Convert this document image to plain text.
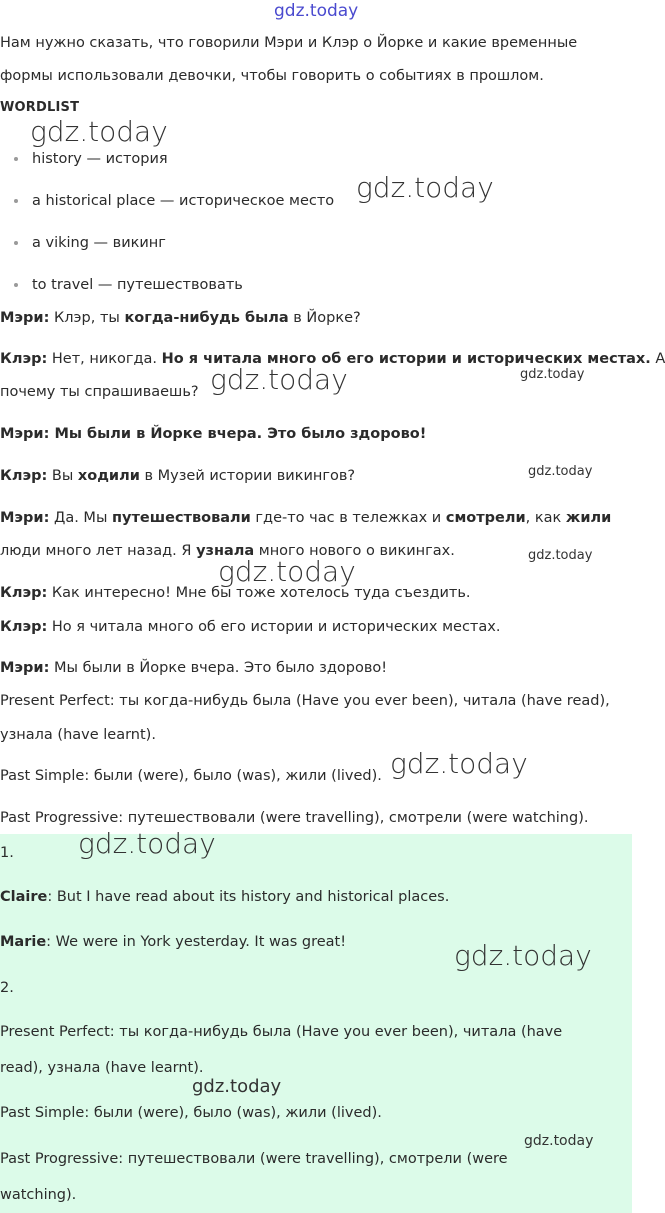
gdz.today
Нам нужно сказать, что говорили Мэри и Клэр о Йорке и какие временные
формы использовали девочки, чтобы говорить о событиях в прошлом.
WORDLIST
history — история
a historical place — историческое место
a viking — викинг
to travel — путешествовать
Мэри: Клэр, ты когда-нибудь была в Йорке?
Клэр: Нет, никогда. Но я читала много об его истории и исторических местах. А
почему ты спрашиваешь?
Мэри: Мы были в Йорке вчера. Это было здорово!
Клэр: Вы ходили в Музей истории викингов?
Мэри: Да. Мы путешествовали где-то час в тележках и смотрели, как жили
люди много лет назад. Я узнала много нового о викингах.
Клэр: Как интересно! Мне бы тоже хотелось туда съездить.
Клэр: Но я читала много об его истории и исторических местах.
Мэри: Мы были в Йорке вчера. Это было здорово!
Present Perfect: ты когда-нибудь была (Have you ever been), читала (have read),
узнала (have learnt).
Past Simple: были (were), было (was), жили (lived).
Past Progressive: путешествовали (were travelling), смотрели (were watching).
1.
Claire: But I have read about its history and historical places.
Marie: We were in York yesterday. It was great!
2.
Present Perfect: ты когда-нибудь была (Have you ever been), читала (have
read), узнала (have learnt).
Past Simple: были (were), было (was), жили (lived).
Past Progressive: путешествовали (were travelling), смотрели (were
watching).
gdz.today
gdz.today
gdz.today	gdz.today
gdz.today
gdz.today
gdz.today
gdz.today
gdz.today
gdz.today
gdz.today
gdz.today
